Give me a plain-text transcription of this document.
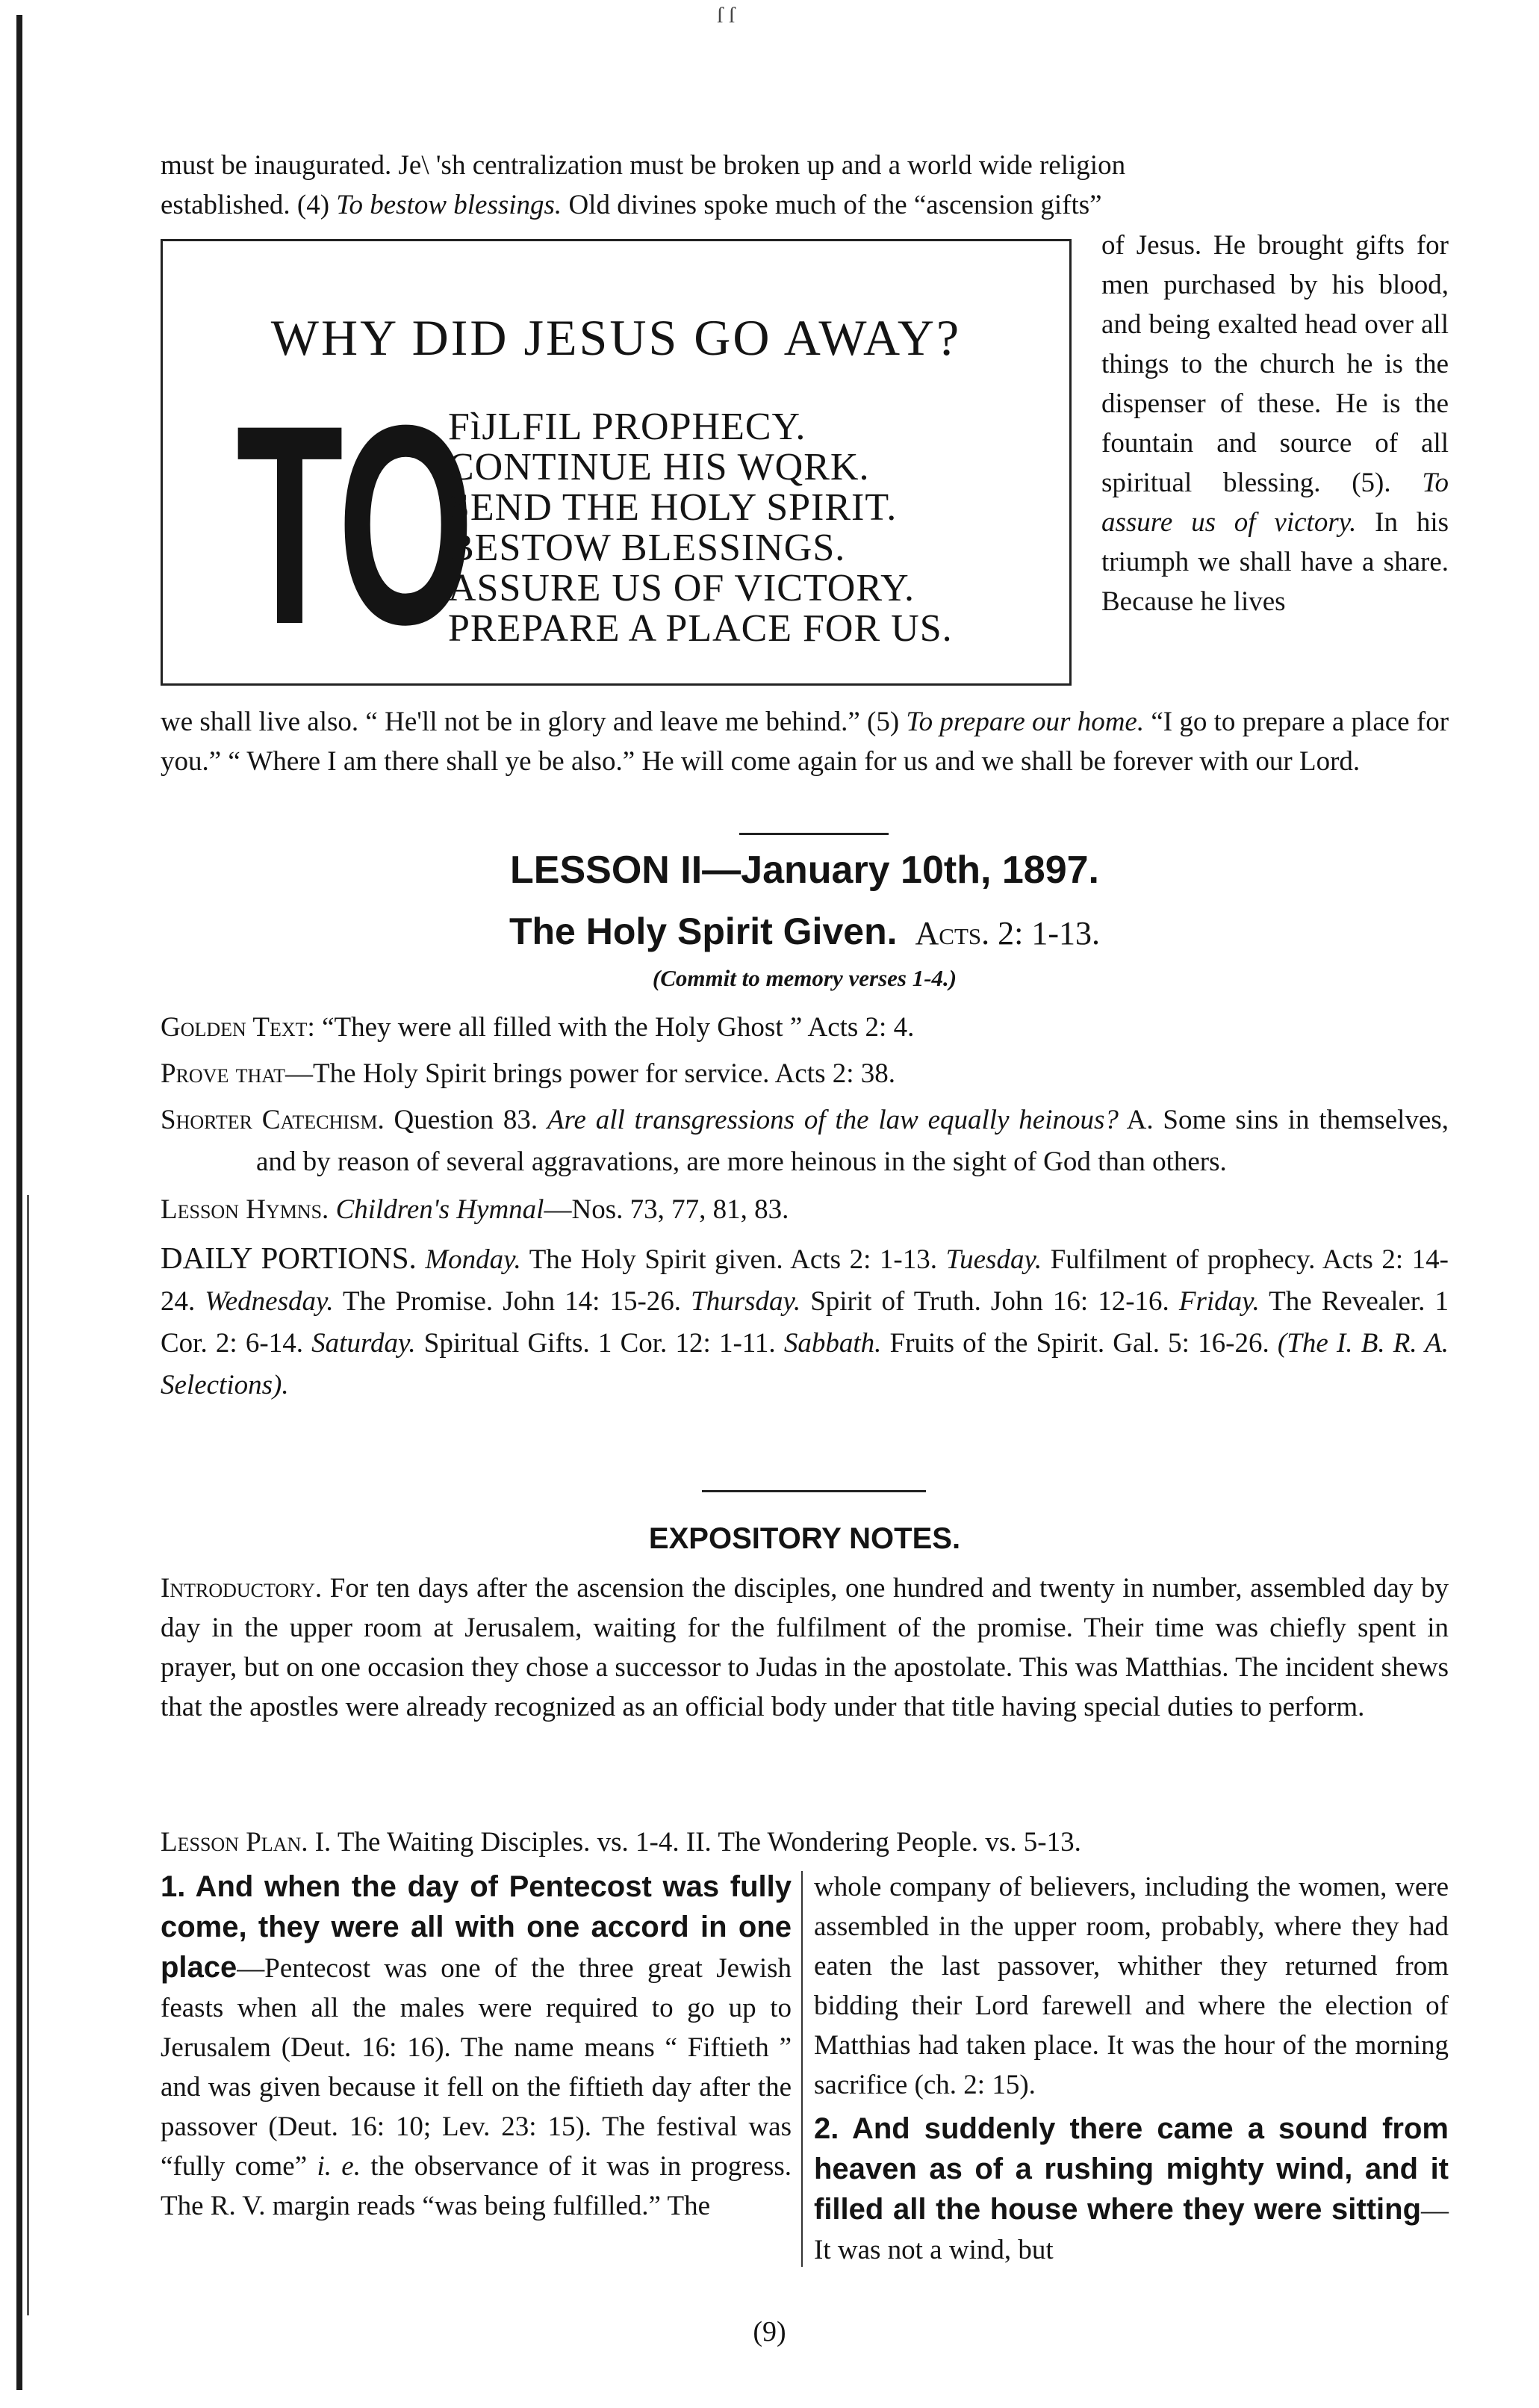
ſ ſ

must be inaugurated. Je\ 'sh centralization must be broken up and a world wide religion

established. (4) To bestow blessings. Old divines spoke much of the “ascension gifts”

WHY DID JESUS GO AWAY?
TO
FìJLFIL PROPHECY.
CONTINUE HIS WQRK.
SEND THE HOLY SPIRIT.
BESTOW BLESSINGS.
ASSURE US OF VICTORY.
PREPARE A PLACE FOR US.
of Jesus. He brought gifts for men purchased by his blood, and being exalted head over all things to the church he is the dispenser of these. He is the fountain and source of all spiritual blessing. (5). To assure us of victory. In his triumph we shall have a share. Because he lives
we shall live also. “ He'll not be in glory and leave me behind.” (5) To prepare our home. “I go to prepare a place for you.” “ Where I am there shall ye be also.” He will come again for us and we shall be forever with our Lord.
LESSON II—January 10th, 1897.
The Holy Spirit Given. Acts. 2: 1-13.
(Commit to memory verses 1-4.)

Golden Text: “They were all filled with the Holy Ghost ” Acts 2: 4.

Prove that—The Holy Spirit brings power for service. Acts 2: 38.

Shorter Catechism. Question 83. Are all transgressions of the law equally heinous? A. Some sins in themselves, and by reason of several aggravations, are more heinous in the sight of God than others.

Lesson Hymns. Children's Hymnal—Nos. 73, 77, 81, 83.

DAILY PORTIONS. Monday. The Holy Spirit given. Acts 2: 1-13. Tuesday. Fulfilment of prophecy. Acts 2: 14-24. Wednesday. The Promise. John 14: 15-26. Thursday. Spirit of Truth. John 16: 12-16. Friday. The Revealer. 1 Cor. 2: 6-14. Saturday. Spiritual Gifts. 1 Cor. 12: 1-11. Sabbath. Fruits of the Spirit. Gal. 5: 16-26. (The I. B. R. A. Selections).

EXPOSITORY NOTES.
Introductory. For ten days after the ascension the disciples, one hundred and twenty in number, assembled day by day in the upper room at Jerusalem, waiting for the fulfilment of the promise. Their time was chiefly spent in prayer, but on one occasion they chose a successor to Judas in the apostolate. This was Matthias. The incident shews that the apostles were already recognized as an official body under that title having special duties to perform.
Lesson Plan. I. The Waiting Disciples. vs. 1-4. II. The Wondering People. vs. 5-13.
1. And when the day of Pentecost was fully come, they were all with one accord in one place—Pentecost was one of the three great Jewish feasts when all the males were required to go up to Jerusalem (Deut. 16: 16). The name means “ Fiftieth ” and was given because it fell on the fiftieth day after the passover (Deut. 16: 10; Lev. 23: 15). The festival was “fully come” i. e. the observance of it was in progress. The R. V. margin reads “was being fulfilled.” The

whole company of believers, including the women, were assembled in the upper room, probably, where they had eaten the last passover, whither they returned from bidding their Lord farewell and where the election of Matthias had taken place. It was the hour of the morning sacrifice (ch. 2: 15).

2. And suddenly there came a sound from heaven as of a rushing mighty wind, and it filled all the house where they were sitting—It was not a wind, but

(9)
